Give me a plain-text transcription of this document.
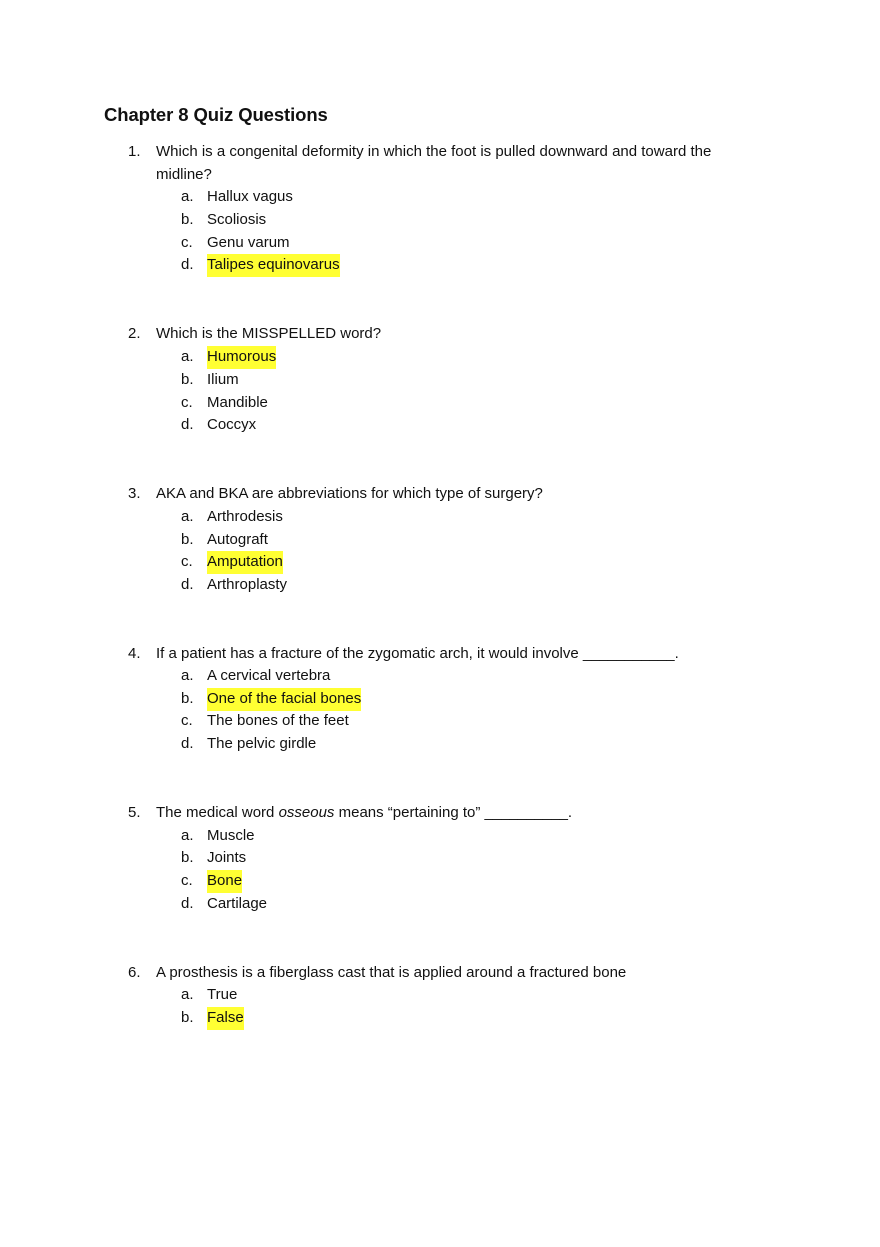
Chapter 8 Quiz Questions
1. Which is a congenital deformity in which the foot is pulled downward and toward the midline?
a. Hallux vagus
b. Scoliosis
c. Genu varum
d. Talipes equinovarus
2. Which is the MISSPELLED word?
a. Humorous
b. Ilium
c. Mandible
d. Coccyx
3. AKA and BKA are abbreviations for which type of surgery?
a. Arthrodesis
b. Autograft
c. Amputation
d. Arthroplasty
4. If a patient has a fracture of the zygomatic arch, it would involve ___________.
a. A cervical vertebra
b. One of the facial bones
c. The bones of the feet
d. The pelvic girdle
5. The medical word osseous means “pertaining to” __________.
a. Muscle
b. Joints
c. Bone
d. Cartilage
6. A prosthesis is a fiberglass cast that is applied around a fractured bone
a. True
b. False
